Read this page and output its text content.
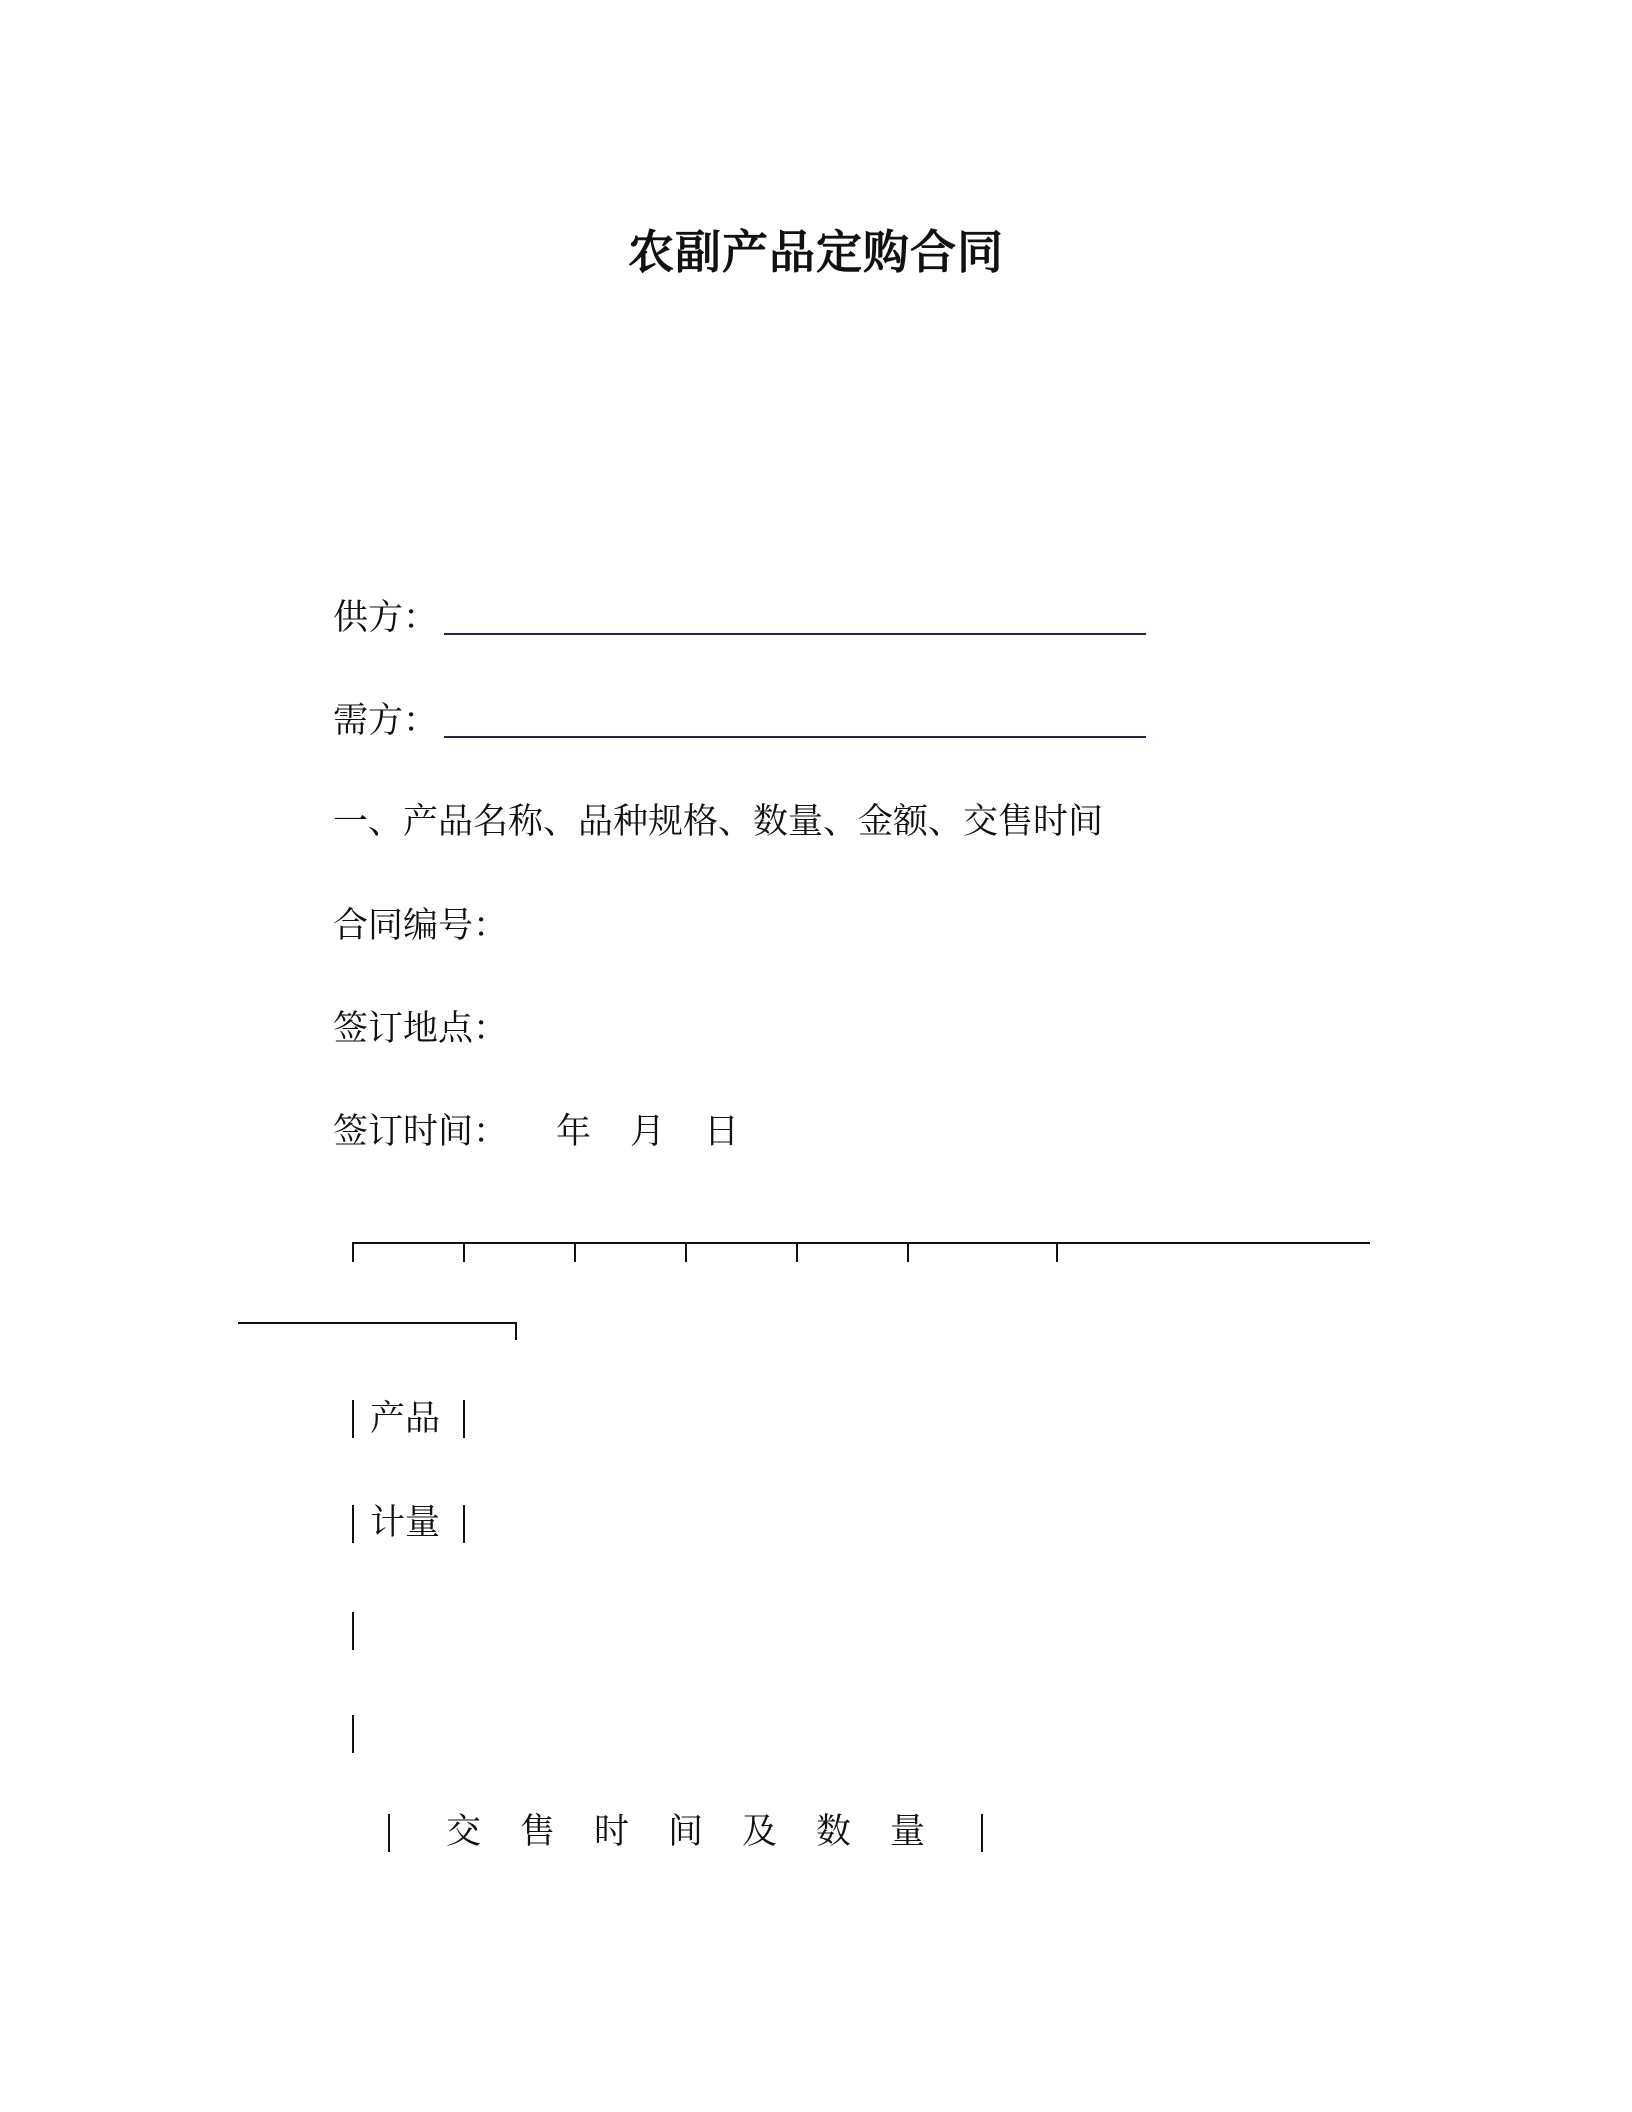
农副产品定购合同
供方：
需方：
一、产品名称、品种规格、数量、金额、交售时间
合同编号：
签订地点：
签订时间： 年 月 日
产品
计量
交 售 时 间 及 数 量
